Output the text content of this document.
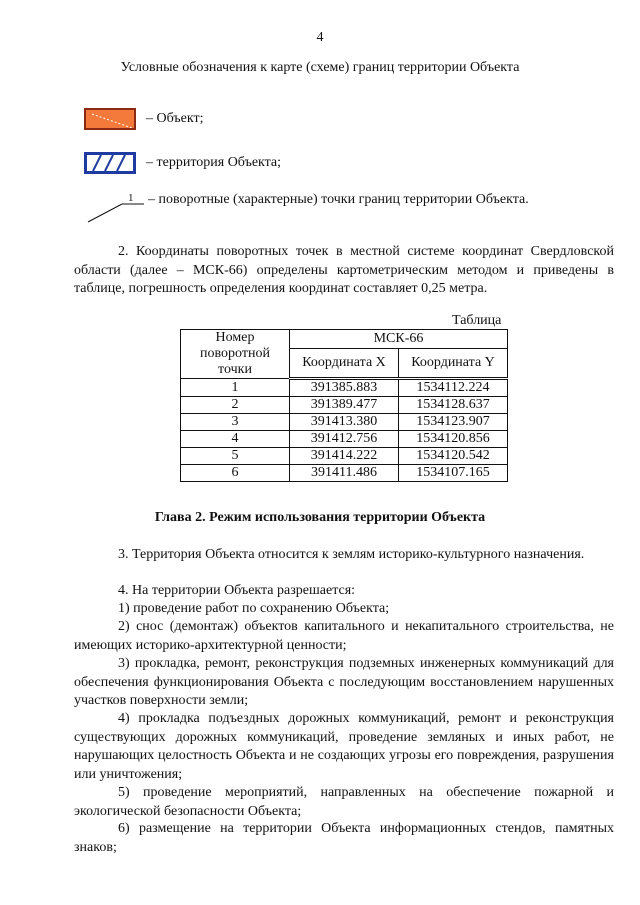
4
Условные обозначения к карте (схеме) границ территории Объекта
– Объект;
– территория Объекта;
1 – поворотные (характерные) точки границ территории Объекта.

2. Координаты поворотных точек в местной системе координат Свердловской области (далее – МСК-66) определены картометрическим методом и приведены в таблице, погрешность определения координат составляет 0,25 метра.

Таблица
Номер поворотной точки	МСК-66	
	Координата X	Координата Y
1	391385.883	1534112.224
2	391389.477	1534128.637
3	391413.380	1534123.907
4	391412.756	1534120.856
5	391414.222	1534120.542
6	391411.486	1534107.165
Глава 2. Режим использования территории Объекта

3. Территория Объекта относится к землям историко-культурного назначения.

4. На территории Объекта разрешается:

1) проведение работ по сохранению Объекта;

2) снос (демонтаж) объектов капитального и некапитального строительства, не имеющих историко-архитектурной ценности;

3) прокладка, ремонт, реконструкция подземных инженерных коммуникаций для обеспечения функционирования Объекта с последующим восстановлением нарушенных участков поверхности земли;

4) прокладка подъездных дорожных коммуникаций, ремонт и реконструкция существующих дорожных коммуникаций, проведение земляных и иных работ, не нарушающих целостность Объекта и не создающих угрозы его повреждения, разрушения или уничтожения;

5) проведение мероприятий, направленных на обеспечение пожарной и экологической безопасности Объекта;

6) размещение на территории Объекта информационных стендов, памятных знаков;
